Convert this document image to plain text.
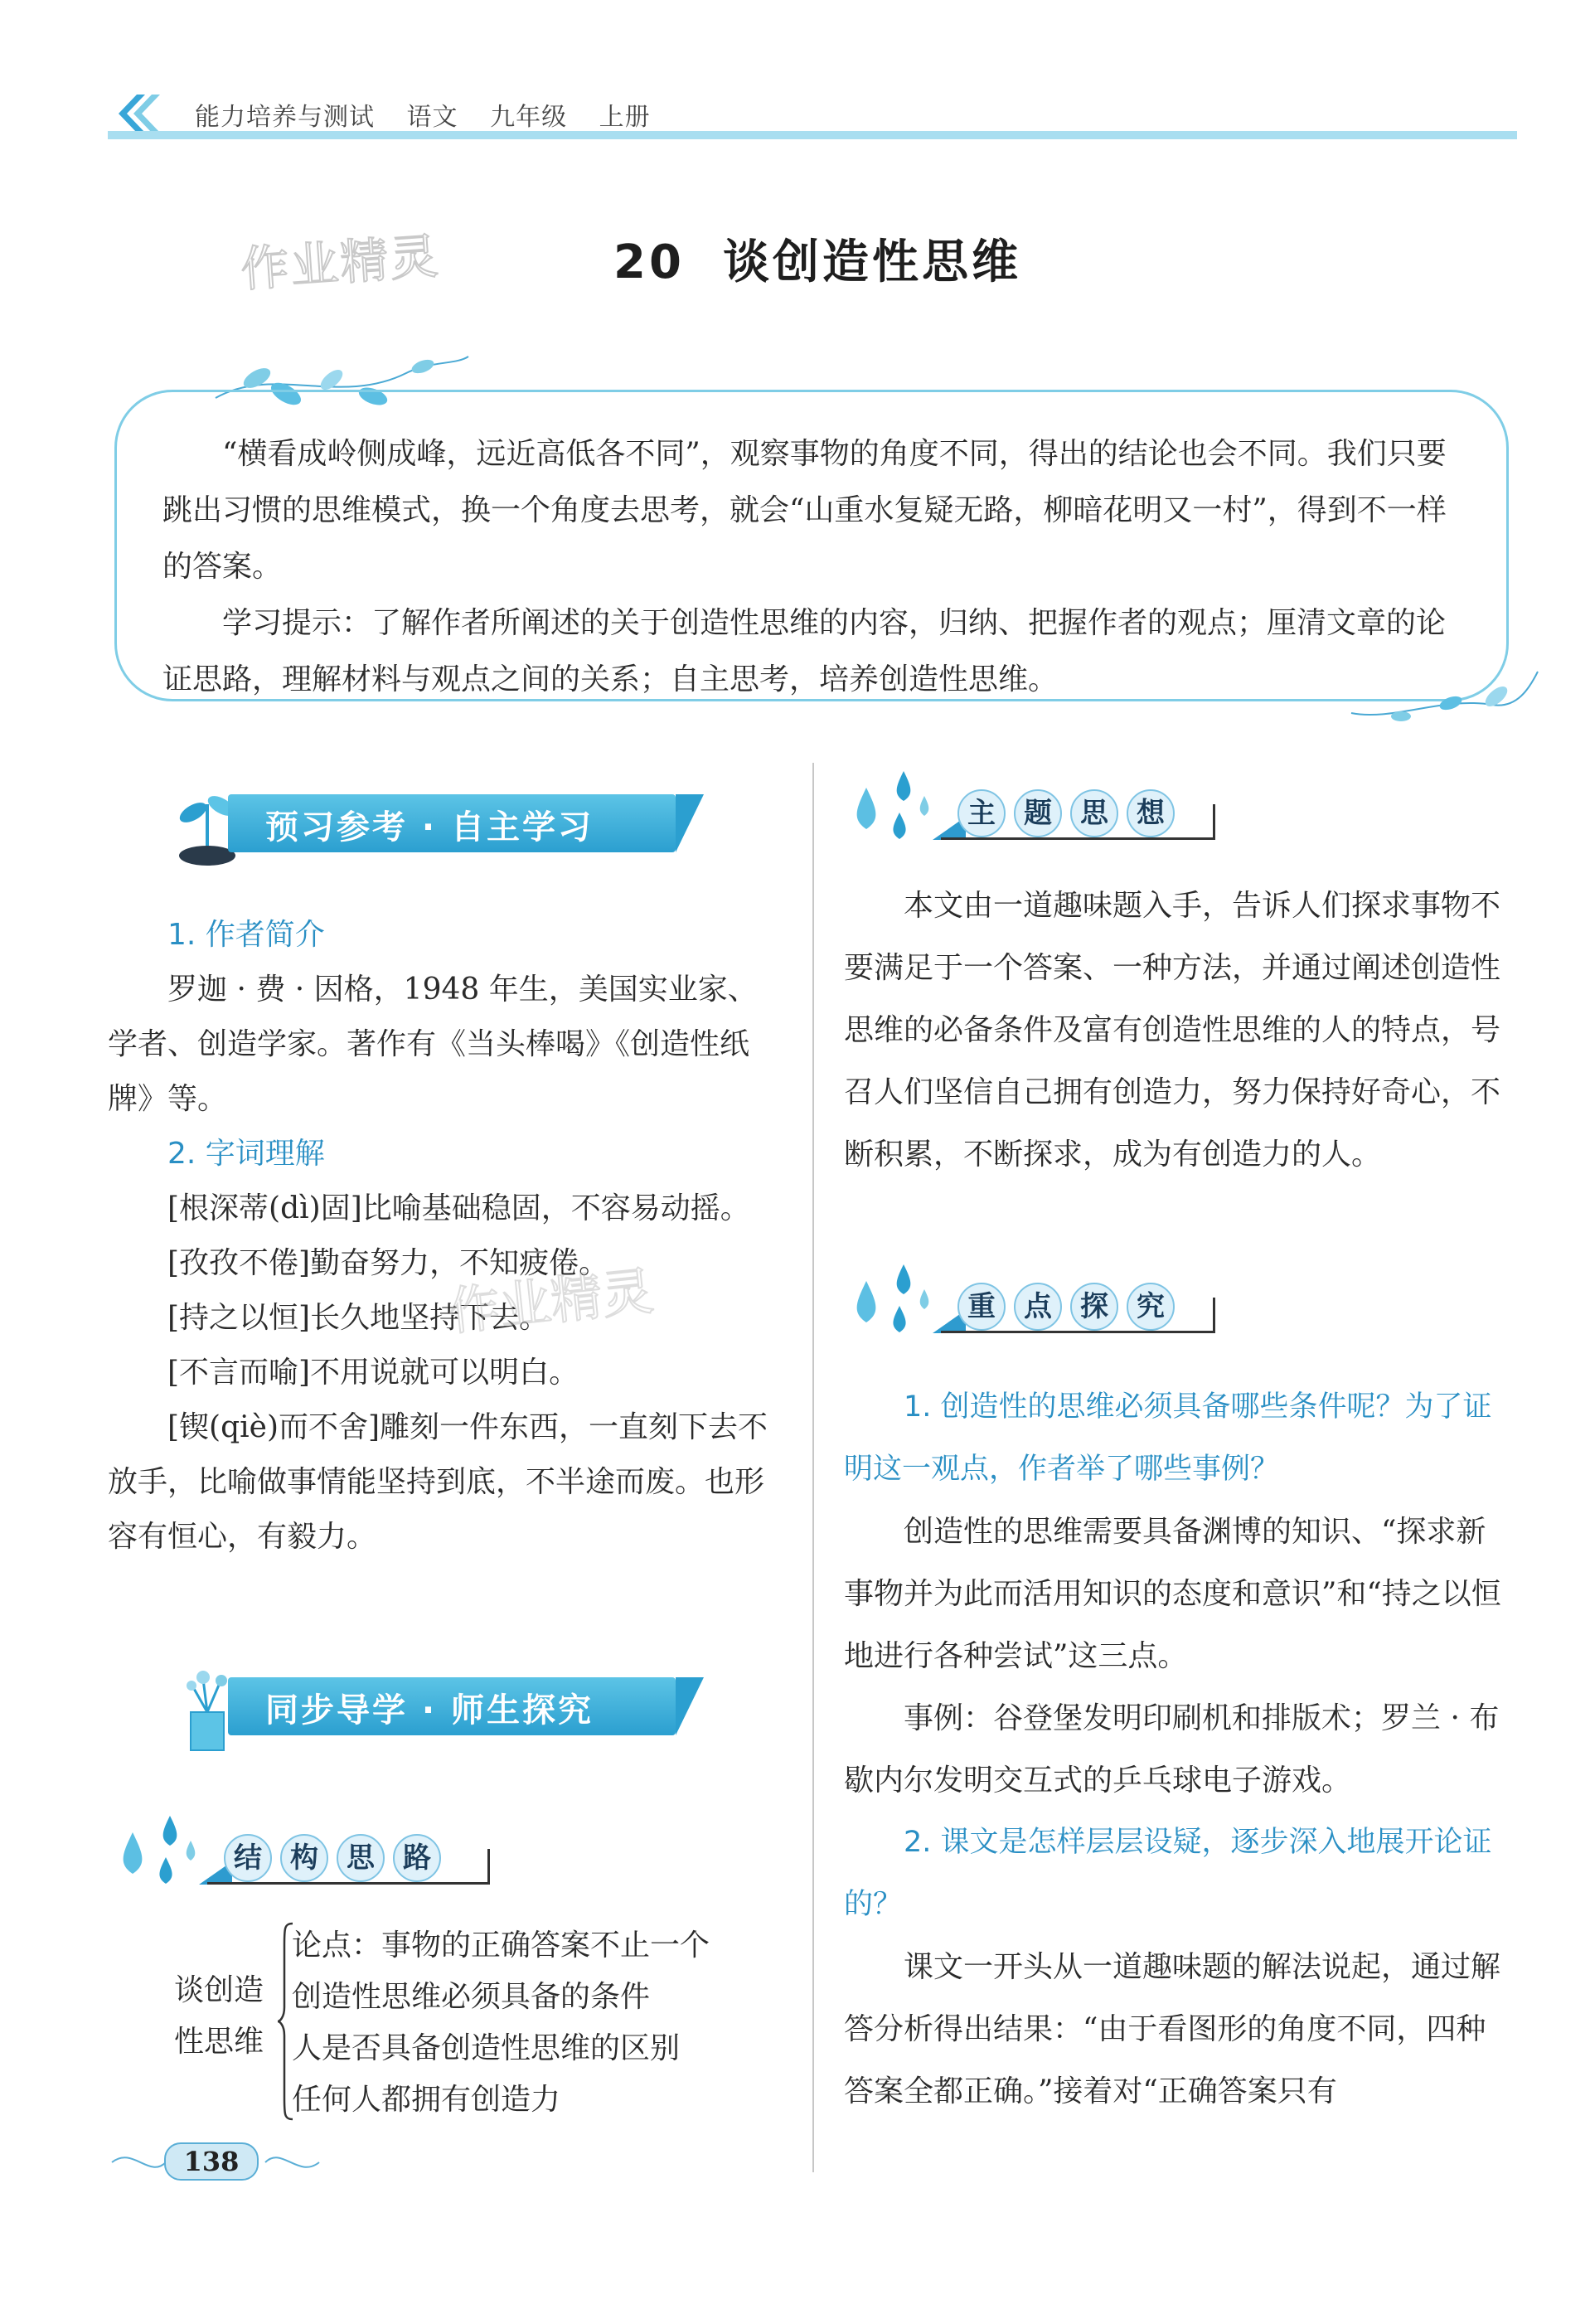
能力培养与测试 语文 九年级 上册
作业精灵	20 谈创造性思维

“横看成岭侧成峰，远近高低各不同”，观察事物的角度不同，得出的结论也会不同。我们只要跳出习惯的思维模式，换一个角度去思考，就会“山重水复疑无路，柳暗花明又一村”，得到不一样的答案。

学习提示：了解作者所阐述的关于创造性思维的内容，归纳、把握作者的观点；厘清文章的论证思路，理解材料与观点之间的关系；自主思考，培养创造性思维。

预习参考 · 自主学习

1. 作者简介

罗迦 · 费 · 因格，1948 年生，美国实业家、学者、创造学家。著作有《当头棒喝》《创造性纸牌》等。

2. 字词理解

[根深蒂(dì)固]比喻基础稳固，不容易动摇。

[孜孜不倦]勤奋努力，不知疲倦。

[持之以恒]长久地坚持下去。

[不言而喻]不用说就可以明白。

[锲(qiè)而不舍]雕刻一件东西，一直刻下去不放手，比喻做事情能坚持到底，不半途而废。也形容有恒心，有毅力。

同步导学 · 师生探究
结	构	思	路
谈创造
性思维
论点：事物的正确答案不止一个
创造性思维必须具备的条件
人是否具备创造性思维的区别
任何人都拥有创造力
作业精灵
主	题	思	想

本文由一道趣味题入手，告诉人们探求事物不要满足于一个答案、一种方法，并通过阐述创造性思维的必备条件及富有创造性思维的人的特点，号召人们坚信自己拥有创造力，努力保持好奇心，不断积累，不断探求，成为有创造力的人。

重	点	探	究

1. 创造性的思维必须具备哪些条件呢？为了证明这一观点，作者举了哪些事例？

创造性的思维需要具备渊博的知识、“探求新事物并为此而活用知识的态度和意识”和“持之以恒地进行各种尝试”这三点。

事例：谷登堡发明印刷机和排版术；罗兰 · 布歇内尔发明交互式的乒乓球电子游戏。

2. 课文是怎样层层设疑，逐步深入地展开论证的？

课文一开头从一道趣味题的解法说起，通过解答分析得出结果：“由于看图形的角度不同，四种答案全都正确。”接着对“正确答案只有

138
